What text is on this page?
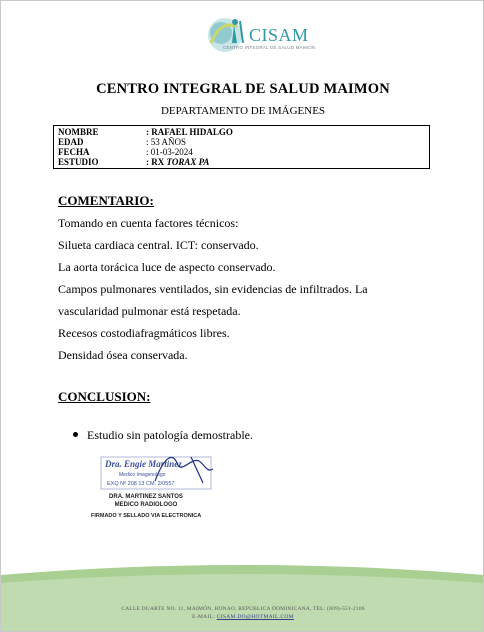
CISAM
CENTRO INTEGRAL DE SALUD MAIMON
CENTRO INTEGRAL DE SALUD MAIMON
DEPARTAMENTO DE IMÁGENES
NOMBRE	: RAFAEL HIDALGO
EDAD	: 53 AÑOS
FECHA	: 01-03-2024
ESTUDIO	: RX TORAX PA
COMENTARIO:
Tomando en cuenta factores técnicos:
Silueta cardiaca central. ICT: conservado.
La aorta torácica luce de aspecto conservado.
Campos pulmonares ventilados, sin evidencias de infiltrados. La
vascularidad pulmonar está respetada.
Recesos costodiafragmáticos libres.
Densidad ósea conservada.
CONCLUSION:
Estudio sin patología demostrable.
Dra. Engie Martinez
Medico Imagenologo
EXQ Nº 208 13 CM. 2/0557
DRA. MARTINEZ SANTOS
MEDICO RADIOLOGO
FIRMADO Y SELLADO VIA ELECTRONICA
CALLE DUARTE NO. 11, MAIMÓN, BONAO, REPUBLICA DOMINICANA, TEL: (809)-551-2106
E-MAIL: CISAM.DO@HOTMAIL.COM
